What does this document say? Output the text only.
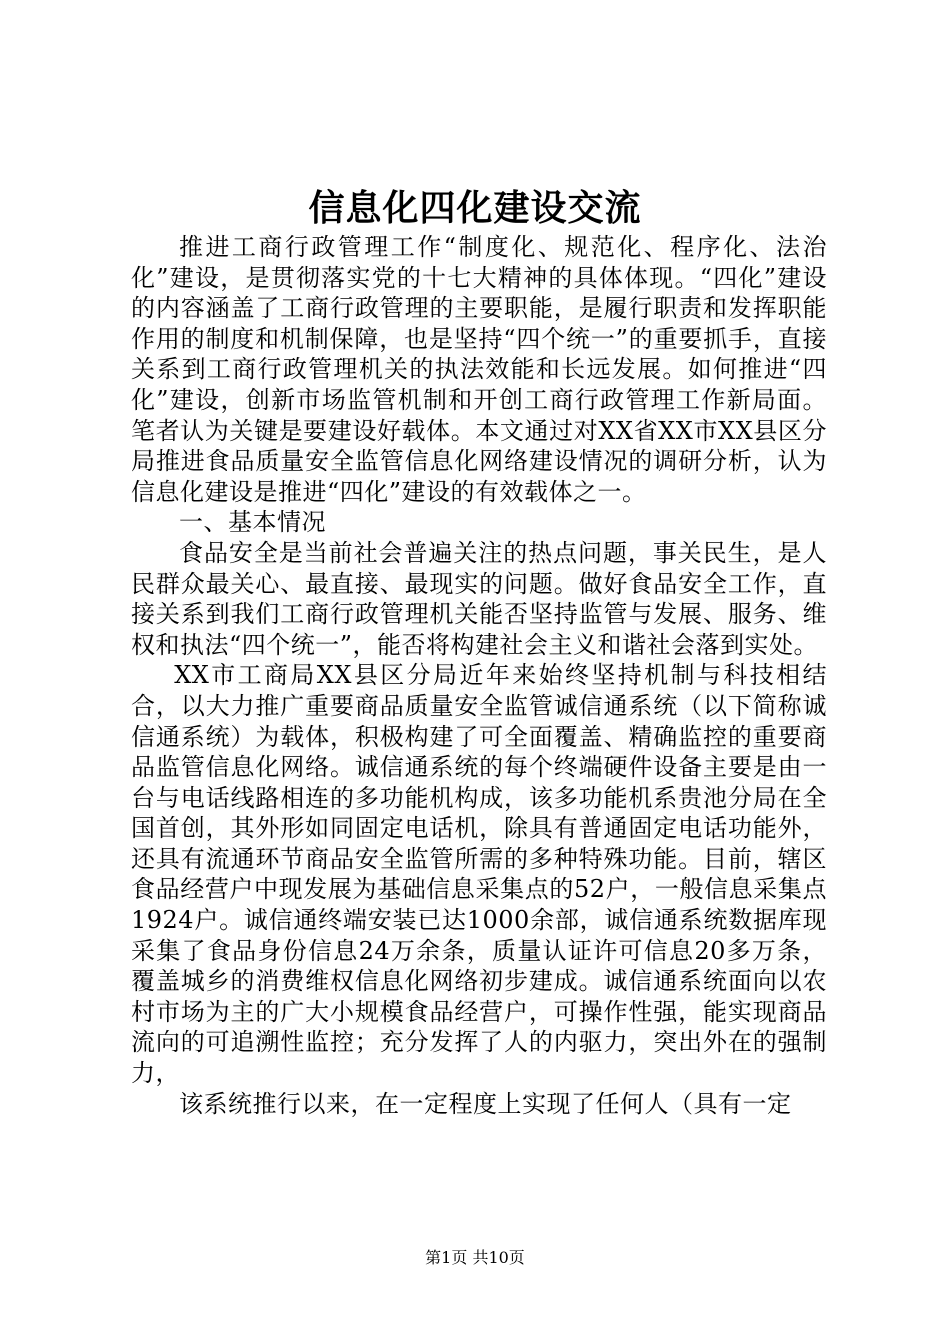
信息化四化建设交流

推进工商行政管理工作“制度化、规范化、程序化、法治化”建设，是贯彻落实党的十七大精神的具体体现。“四化”建设的内容涵盖了工商行政管理的主要职能，是履行职责和发挥职能作用的制度和机制保障，也是坚持“四个统一”的重要抓手，直接关系到工商行政管理机关的执法效能和长远发展。如何推进“四化”建设，创新市场监管机制和开创工商行政管理工作新局面。笔者认为关键是要建设好载体。本文通过对XX省XX市XX县区分局推进食品质量安全监管信息化网络建设情况的调研分析，认为信息化建设是推进“四化”建设的有效载体之一。

一、基本情况

食品安全是当前社会普遍关注的热点问题，事关民生，是人民群众最关心、最直接、最现实的问题。做好食品安全工作，直接关系到我们工商行政管理机关能否坚持监管与发展、服务、维权和执法“四个统一”，能否将构建社会主义和谐社会落到实处。

XX市工商局XX县区分局近年来始终坚持机制与科技相结合，以大力推广重要商品质量安全监管诚信通系统（以下简称诚信通系统）为载体，积极构建了可全面覆盖、精确监控的重要商品监管信息化网络。诚信通系统的每个终端硬件设备主要是由一台与电话线路相连的多功能机构成，该多功能机系贵池分局在全国首创，其外形如同固定电话机，除具有普通固定电话功能外，还具有流通环节商品安全监管所需的多种特殊功能。目前，辖区食品经营户中现发展为基础信息采集点的52户，一般信息采集点1924户。诚信通终端安装已达1000余部，诚信通系统数据库现采集了食品身份信息24万余条，质量认证许可信息20多万条，覆盖城乡的消费维权信息化网络初步建成。诚信通系统面向以农村市场为主的广大小规模食品经营户，可操作性强，能实现商品流向的可追溯性监控；充分发挥了人的内驱力，突出外在的强制力，

该系统推行以来，在一定程度上实现了任何人（具有一定

第1页 共10页
